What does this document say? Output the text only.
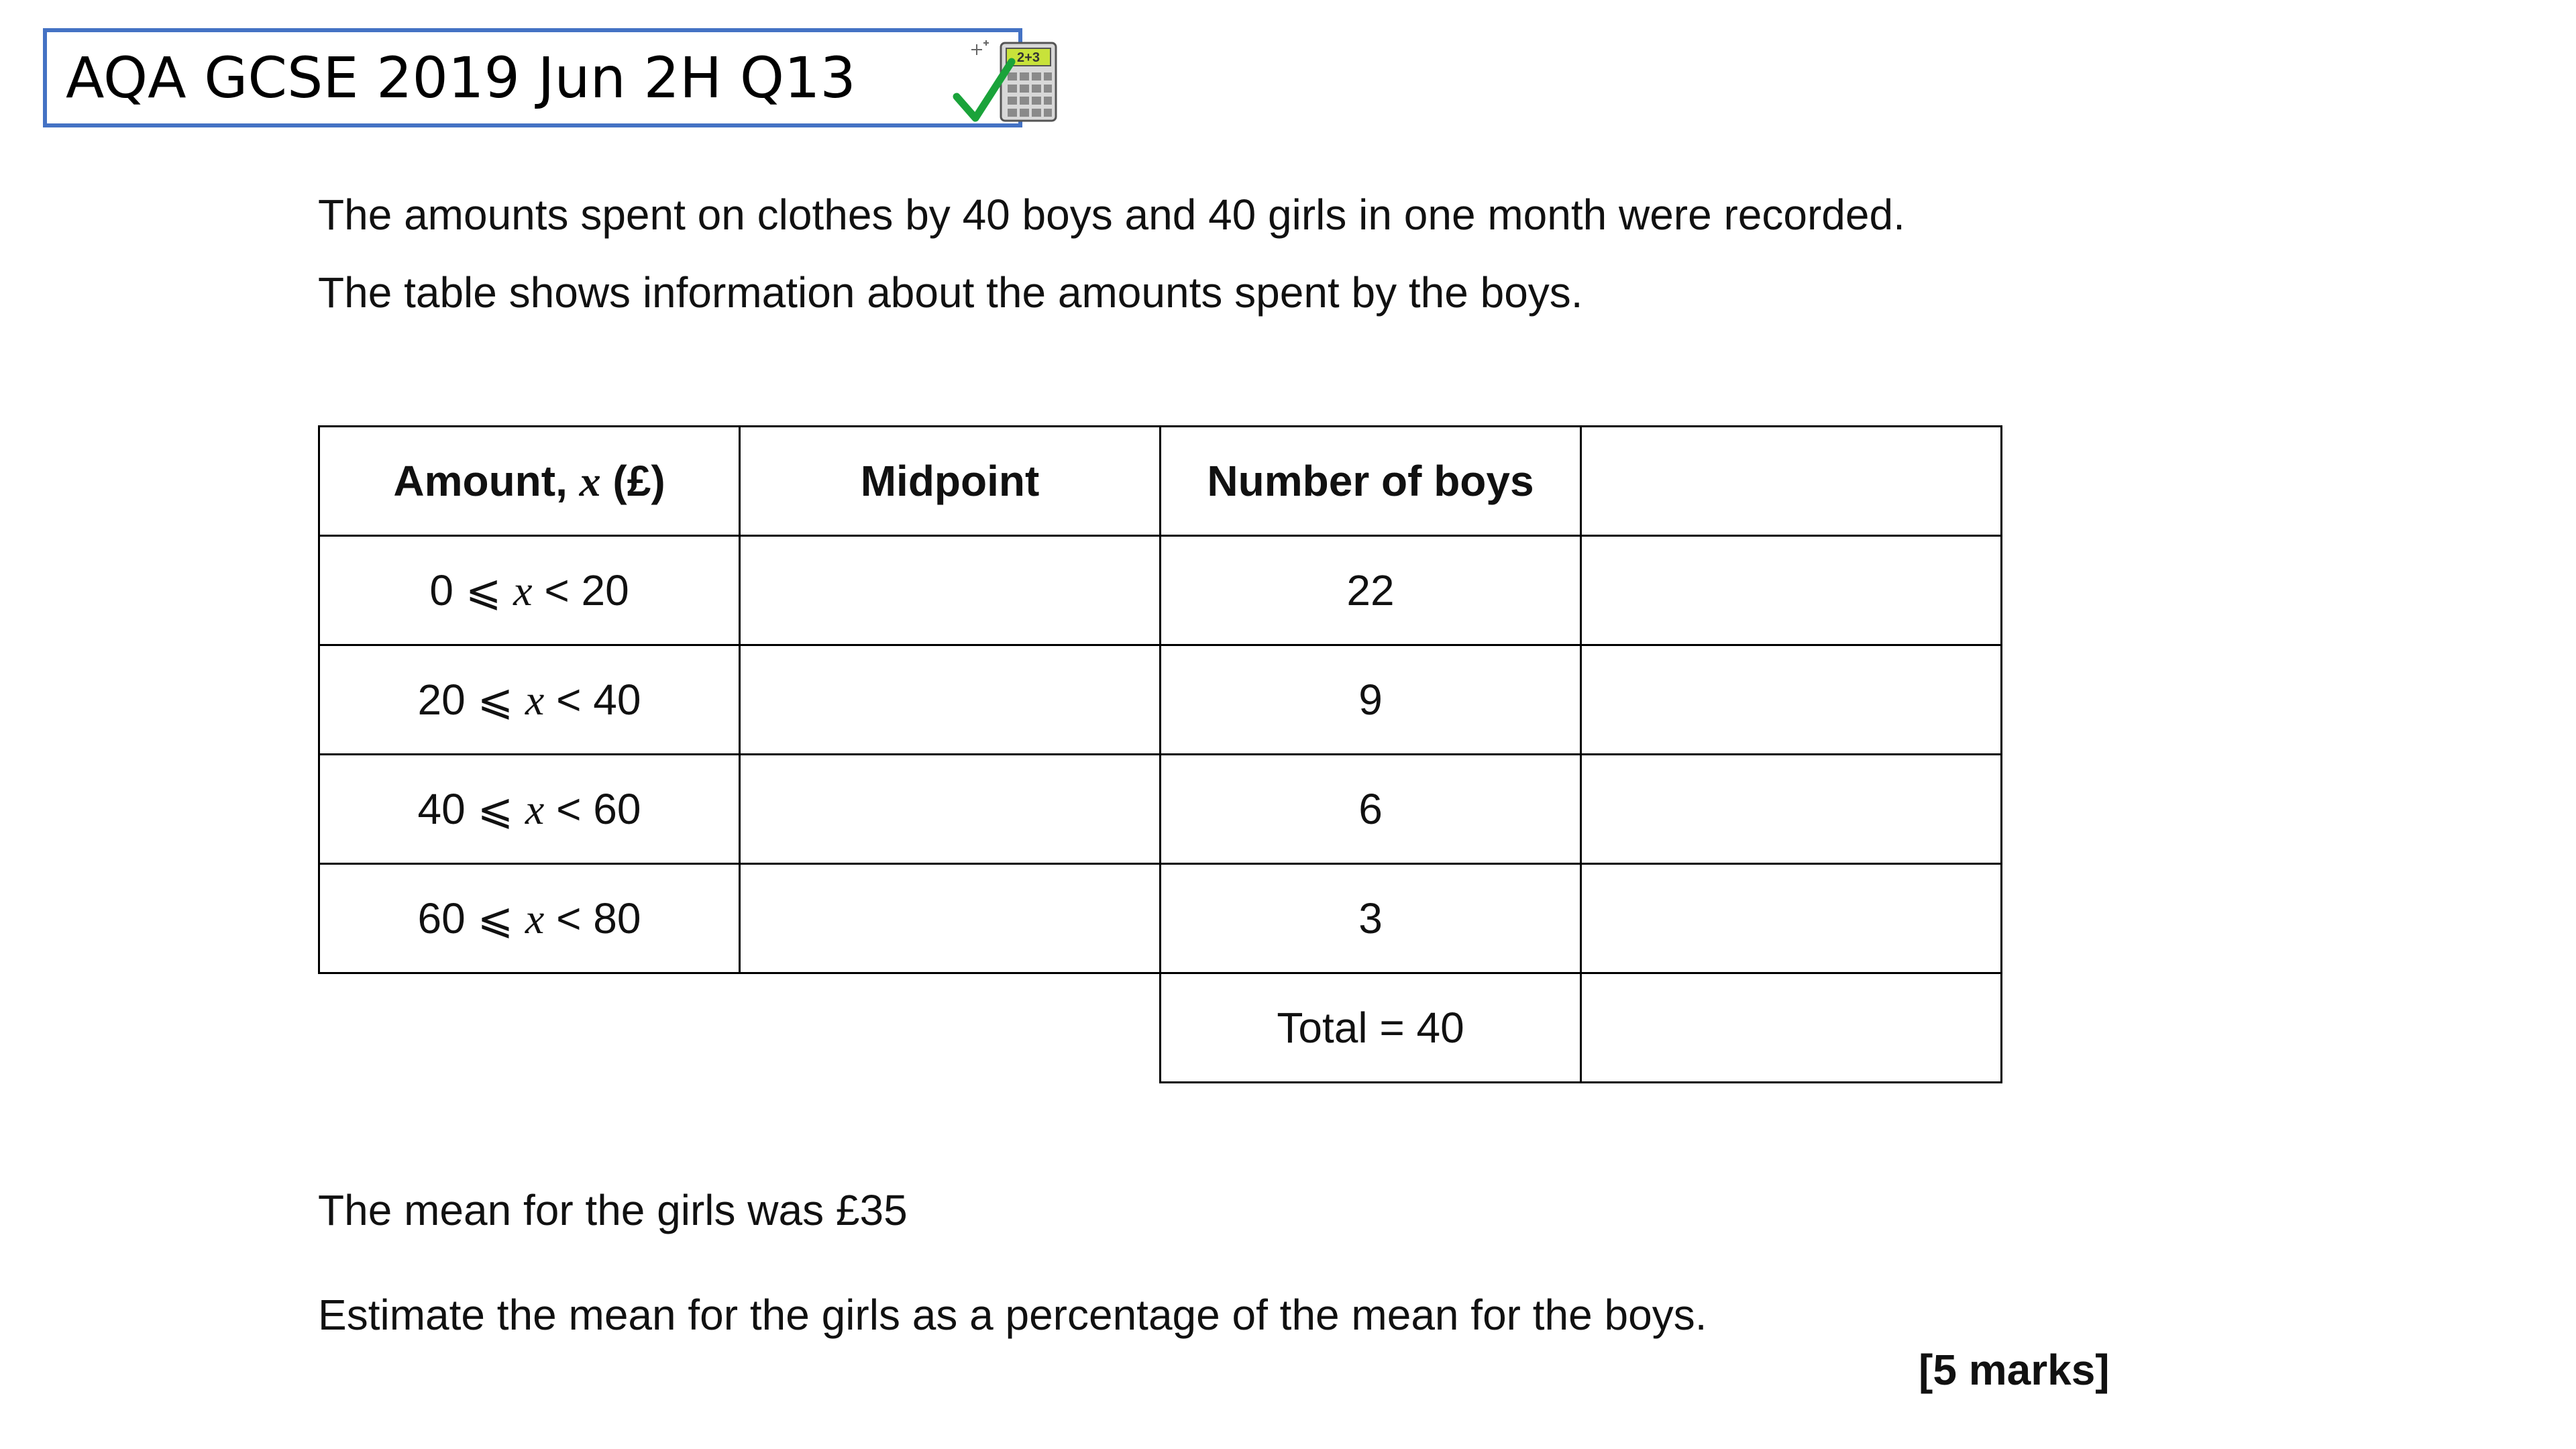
AQA GCSE 2019 Jun 2H Q13	2+3
The amounts spent on clothes by 40 boys and 40 girls in one month were recorded.
The table shows information about the amounts spent by the boys.
Amount, x (£)	Midpoint	Number of boys	
0 ⩽ x < 20		22	
20 ⩽ x < 40		9	
40 ⩽ x < 60		6	
60 ⩽ x < 80		3	
		Total = 40	
The mean for the girls was £35
Estimate the mean for the girls as a percentage of the mean for the boys.
[5 marks]
